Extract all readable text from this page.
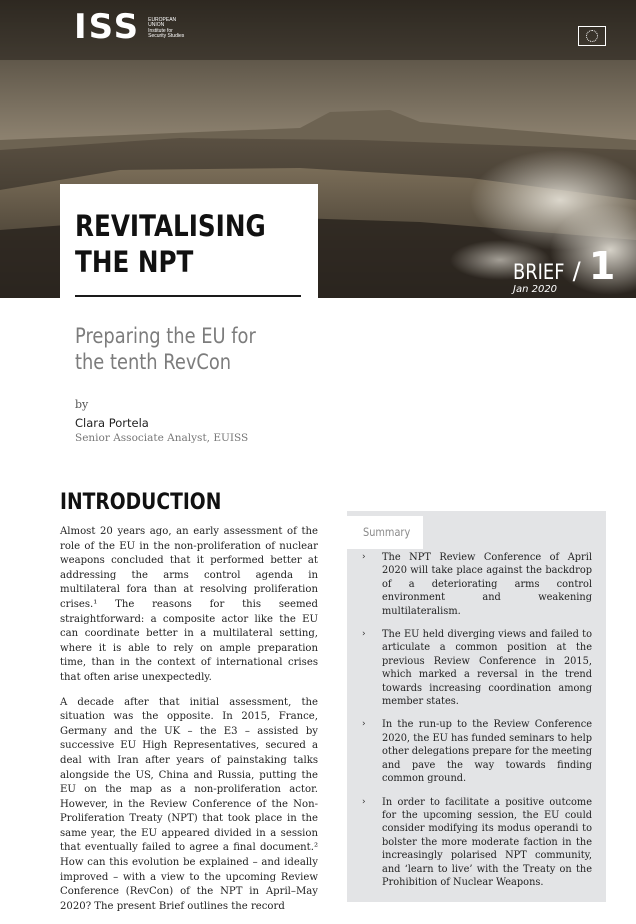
ISS EUROPEAN
UNION
Institute for
Security Studies
REVITALISING
THE NPT	BRIEF / 1
Jan 2020
Preparing the EU for
the tenth RevCon
by
Clara Portela
Senior Associate Analyst, EUISS
INTRODUCTION

Almost 20 years ago, an early assessment of the role of the EU in the non-proliferation of nuclear weapons concluded that it performed better at addressing the arms control agenda in multilateral fora than at resolving proliferation crises.¹ The reasons for this seemed straightforward: a composite actor like the EU can coordinate better in a multilateral setting, where it is able to rely on ample preparation time, than in the context of international crises that often arise unexpectedly.

A decade after that initial assessment, the situation was the opposite. In 2015, France, Germany and the UK – the E3 – assisted by successive EU High Representatives, secured a deal with Iran after years of painstaking talks alongside the US, China and Russia, putting the EU on the map as a non-proliferation actor. However, in the Review Conference of the Non-Proliferation Treaty (NPT) that took place in the same year, the EU appeared divided in a session that eventually failed to agree a final document.² How can this evolution be explained – and ideally improved – with a view to the upcoming Review Conference (RevCon) of the NPT in April–May 2020? The present Brief outlines the record

Summary
› The NPT Review Conference of April 2020 will take place against the backdrop of a deteriorating arms control environment and weakening multilateralism.
› The EU held diverging views and failed to articulate a common position at the previous Review Conference in 2015, which marked a reversal in the trend towards increasing coordination among member states.
› In the run-up to the Review Conference 2020, the EU has funded seminars to help other delegations prepare for the meeting and pave the way towards finding common ground.
› In order to facilitate a positive outcome for the upcoming session, the EU could consider modifying its modus operandi to bolster the more moderate faction in the increasingly polarised NPT community, and ‘learn to live’ with the Treaty on the Prohibition of Nuclear Weapons.
